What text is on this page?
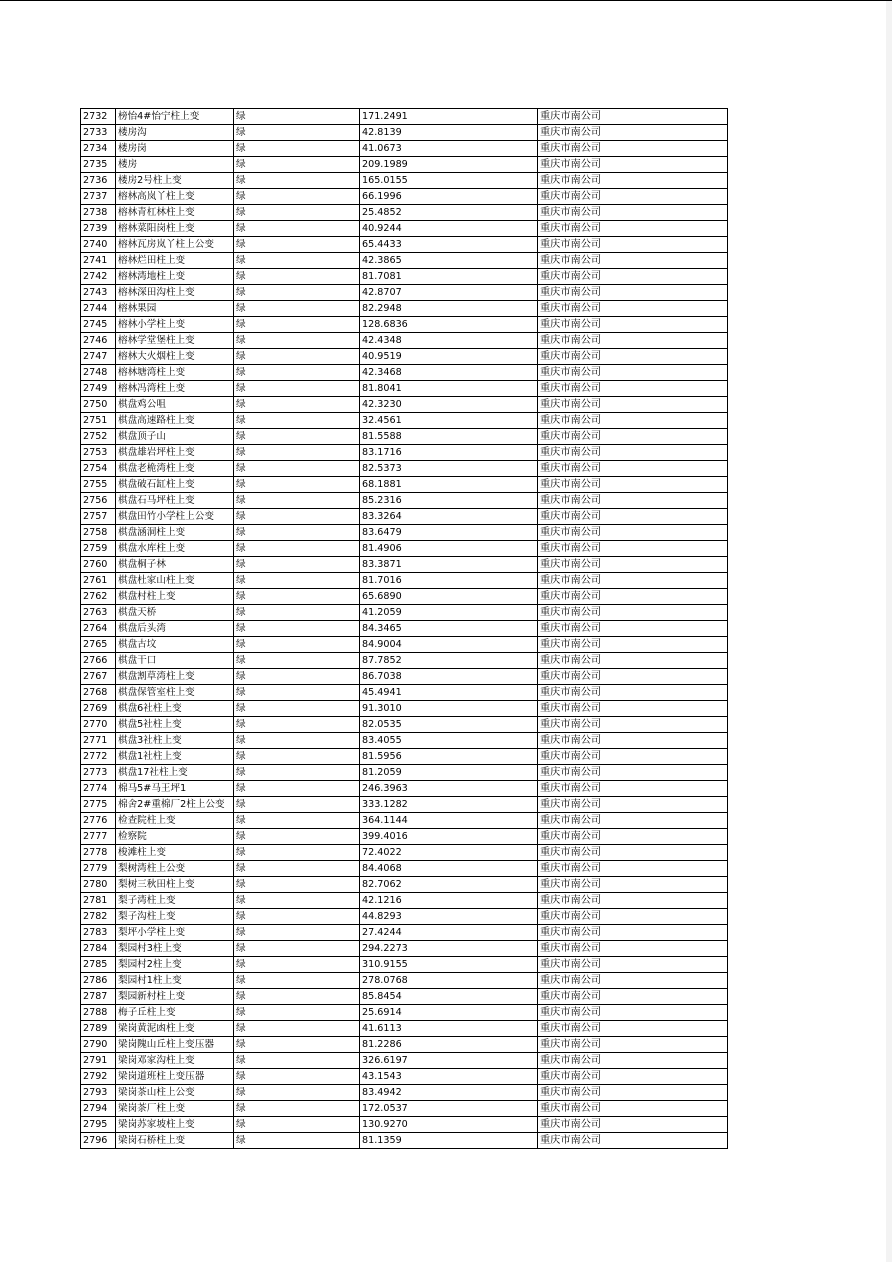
2732	榜怡4#怡宁柱上变	绿	171.2491	重庆市南公司
2733	楼房沟	绿	42.8139	重庆市南公司
2734	楼房岗	绿	41.0673	重庆市南公司
2735	楼房	绿	209.1989	重庆市南公司
2736	楼房2号柱上变	绿	165.0155	重庆市南公司
2737	榕林高岚丫柱上变	绿	66.1996	重庆市南公司
2738	榕林青杠林柱上变	绿	25.4852	重庆市南公司
2739	榕林菜阳岗柱上变	绿	40.9244	重庆市南公司
2740	榕林瓦房岚丫柱上公变	绿	65.4433	重庆市南公司
2741	榕林烂田柱上变	绿	42.3865	重庆市南公司
2742	榕林湾地柱上变	绿	81.7081	重庆市南公司
2743	榕林深田沟柱上变	绿	42.8707	重庆市南公司
2744	榕林果园	绿	82.2948	重庆市南公司
2745	榕林小学柱上变	绿	128.6836	重庆市南公司
2746	榕林学堂堡柱上变	绿	42.4348	重庆市南公司
2747	榕林大火烟柱上变	绿	40.9519	重庆市南公司
2748	榕林塘湾柱上变	绿	42.3468	重庆市南公司
2749	榕林冯湾柱上变	绿	81.8041	重庆市南公司
2750	棋盘鸡公咀	绿	42.3230	重庆市南公司
2751	棋盘高速路柱上变	绿	32.4561	重庆市南公司
2752	棋盘顶子山	绿	81.5588	重庆市南公司
2753	棋盘雄岩坪柱上变	绿	83.1716	重庆市南公司
2754	棋盘老桅湾柱上变	绿	82.5373	重庆市南公司
2755	棋盘破石缸柱上变	绿	68.1881	重庆市南公司
2756	棋盘石马坪柱上变	绿	85.2316	重庆市南公司
2757	棋盘田竹小学柱上公变	绿	83.3264	重庆市南公司
2758	棋盘涵洞柱上变	绿	83.6479	重庆市南公司
2759	棋盘水库柱上变	绿	81.4906	重庆市南公司
2760	棋盘桐子林	绿	83.3871	重庆市南公司
2761	棋盘杜家山柱上变	绿	81.7016	重庆市南公司
2762	棋盘村柱上变	绿	65.6890	重庆市南公司
2763	棋盘天桥	绿	41.2059	重庆市南公司
2764	棋盘后头湾	绿	84.3465	重庆市南公司
2765	棋盘古坟	绿	84.9004	重庆市南公司
2766	棋盘干口	绿	87.7852	重庆市南公司
2767	棋盘割草湾柱上变	绿	86.7038	重庆市南公司
2768	棋盘保管室柱上变	绿	45.4941	重庆市南公司
2769	棋盘6社柱上变	绿	91.3010	重庆市南公司
2770	棋盘5社柱上变	绿	82.0535	重庆市南公司
2771	棋盘3社柱上变	绿	83.4055	重庆市南公司
2772	棋盘1社柱上变	绿	81.5956	重庆市南公司
2773	棋盘17社柱上变	绿	81.2059	重庆市南公司
2774	棉马5#马王坪1	绿	246.3963	重庆市南公司
2775	棉舍2#重棉厂2柱上公变	绿	333.1282	重庆市南公司
2776	检查院柱上变	绿	364.1144	重庆市南公司
2777	检察院	绿	399.4016	重庆市南公司
2778	梭滩柱上变	绿	72.4022	重庆市南公司
2779	梨树湾柱上公变	绿	84.4068	重庆市南公司
2780	梨树三秋田柱上变	绿	82.7062	重庆市南公司
2781	梨子湾柱上变	绿	42.1216	重庆市南公司
2782	梨子沟柱上变	绿	44.8293	重庆市南公司
2783	梨坪小学柱上变	绿	27.4244	重庆市南公司
2784	梨园村3柱上变	绿	294.2273	重庆市南公司
2785	梨园村2柱上变	绿	310.9155	重庆市南公司
2786	梨园村1柱上变	绿	278.0768	重庆市南公司
2787	梨园新村柱上变	绿	85.8454	重庆市南公司
2788	梅子丘柱上变	绿	25.6914	重庆市南公司
2789	梁岗黄泥凼柱上变	绿	41.6113	重庆市南公司
2790	梁岗隗山丘柱上变压器	绿	81.2286	重庆市南公司
2791	梁岗邓家沟柱上变	绿	326.6197	重庆市南公司
2792	梁岗道班柱上变压器	绿	43.1543	重庆市南公司
2793	梁岗茶山柱上公变	绿	83.4942	重庆市南公司
2794	梁岗茶厂柱上变	绿	172.0537	重庆市南公司
2795	梁岗苏家坡柱上变	绿	130.9270	重庆市南公司
2796	梁岗石桥柱上变	绿	81.1359	重庆市南公司
